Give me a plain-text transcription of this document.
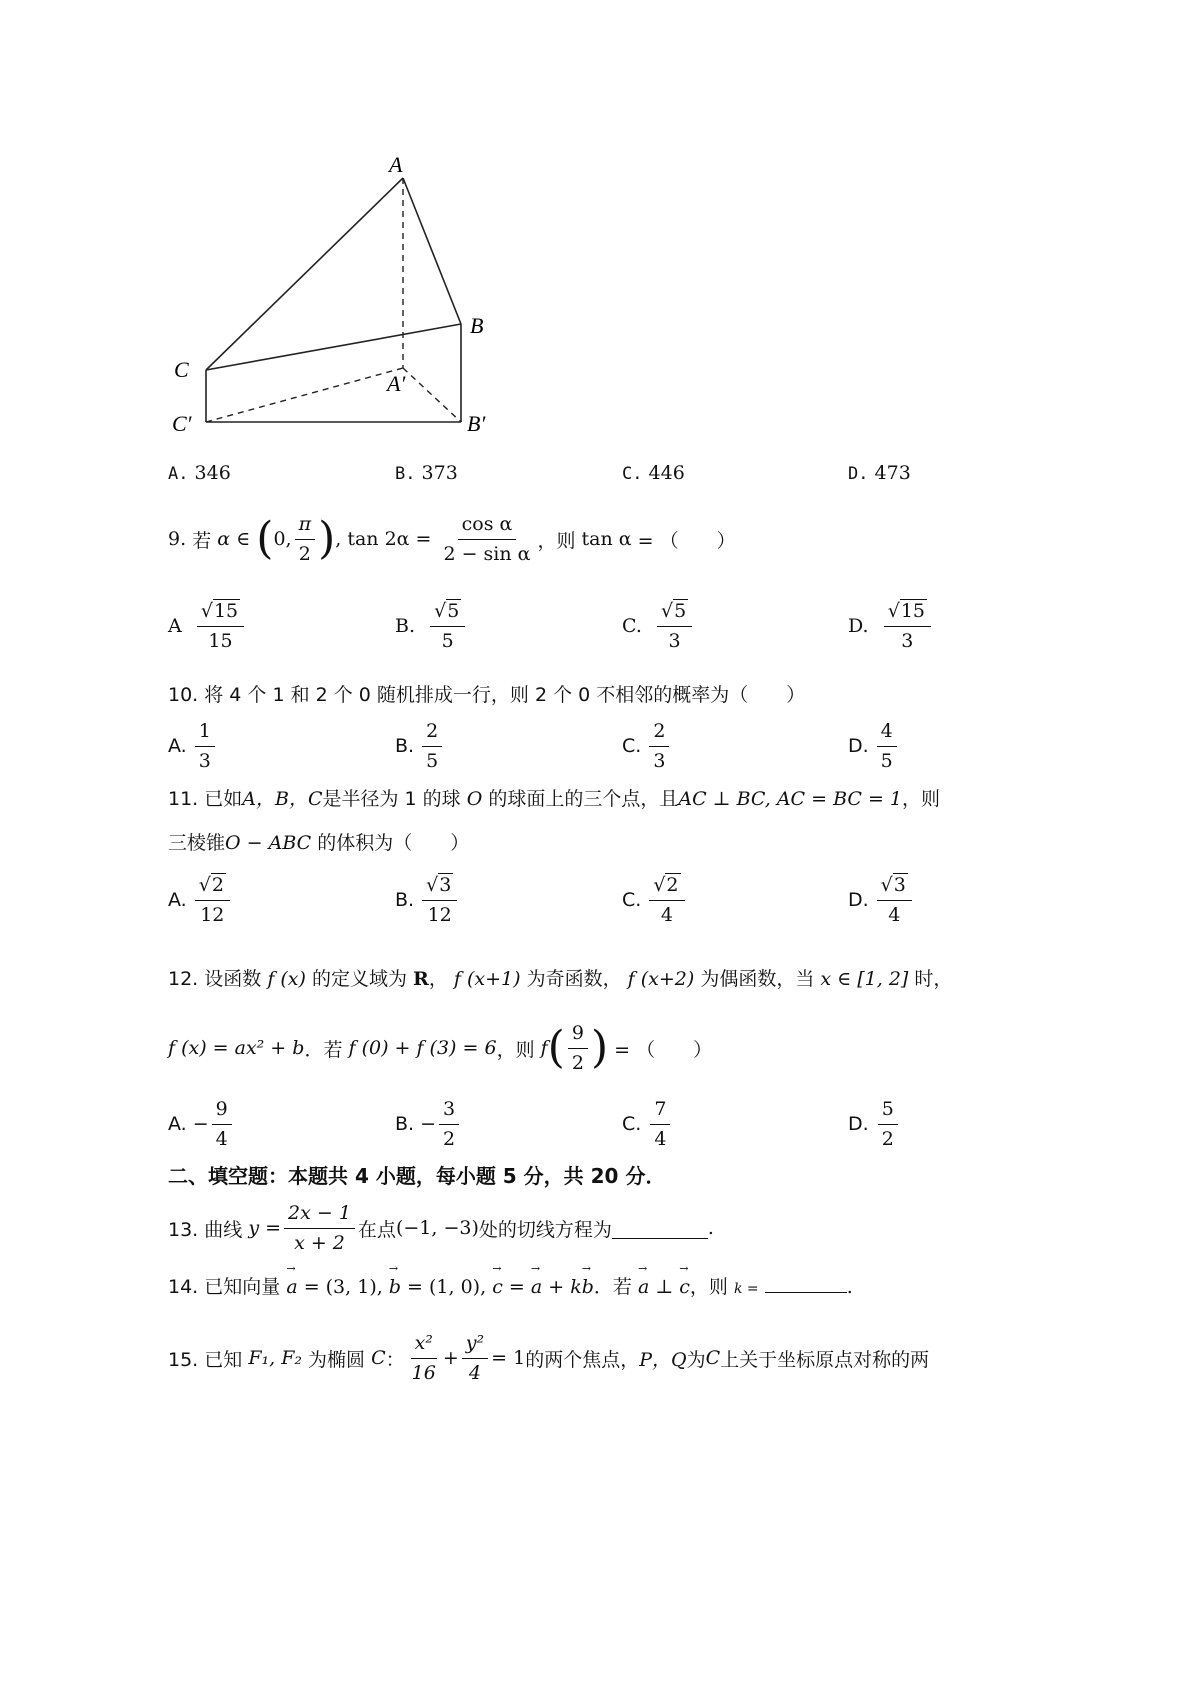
A
B
C
A′
B′
C′
A. 346	B. 373	C. 446	D. 473
9.
若
α
∈
( 0, $\frac{\pi}{2}$ ) , $\tan 2\alpha = \frac{\text{cos α}}{\text{2 − sin α}}$ ，则
tan α
= （　　）
A
$\frac{√15}{15}$	B.
$\frac{√5}{5}$	C.
$\frac{√5}{3}$	D.
$\frac{√15}{3}$
10. 将 4 个 1 和 2 个 0 随机排成一行，则 2 个 0 不相邻的概率为（　　）
A. $\frac{1}{3}$	B. $\frac{2}{5}$	C. $\frac{2}{3}$	D. $\frac{4}{5}$
11. 已如A，B，C是半径为 1 的球 O 的球面上的三个点，且AC ⊥ BC, AC = BC = 1，则
三棱锥O − ABC 的体积为（　　）
A. $\frac{√2}{12}$	B. $\frac{√3}{12}$	C. $\frac{√2}{4}$	D. $\frac{√3}{4}$
12. 设函数 f (x) 的定义域为 R， f (x+1) 为奇函数， f (x+2) 为偶函数，当 x ∈ [1, 2] 时，
f (x) = ax² + b ．若
f (0) + f (3) = 6 ，则
f ( $\frac{9}{2}$ )
= （　　）
A.
− $\frac{9}{4}$	B.
− $\frac{3}{2}$	C.
$\frac{7}{4}$	D.
$\frac{5}{2}$
二、填空题：本题共 4 小题，每小题 5 分，共 20 分．
13. 曲线
$y = \frac{2x - 1}{x + 2}$ 在点 (−1, −3) 处的切线方程为	.
14. 已知向量 → a = (3, 1), → b = (1, 0), → c = → a + k→ b．若 → a ⊥ → c，则 k =	.
15. 已知
F₁, F₂
为椭圆
C ： $\frac{\text{x²}}{16} + \frac{\text{y²}}{4} = 1$ 的两个焦点， P，Q 为 C 上关于坐标原点对称的两
